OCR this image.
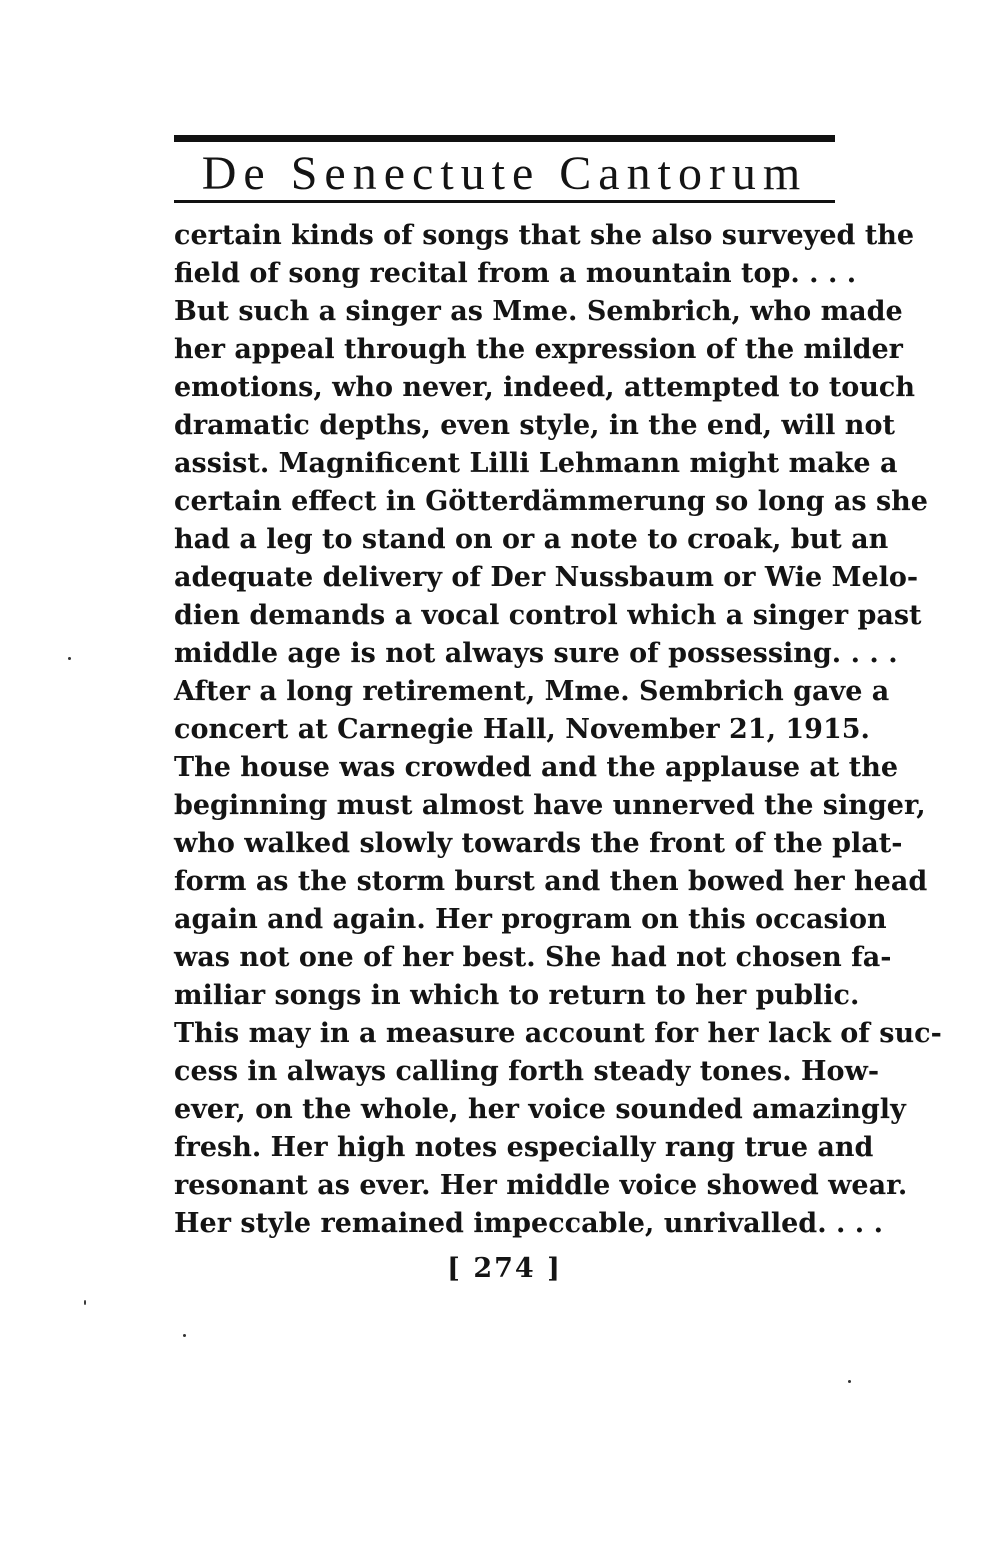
De Senectute Cantorum
certain kinds of songs that she also surveyed the
field of song recital from a mountain top. . . .
But such a singer as Mme. Sembrich, who made
her appeal through the expression of the milder
emotions, who never, indeed, attempted to touch
dramatic depths, even style, in the end, will not
assist. Magnificent Lilli Lehmann might make a
certain effect in Götterdämmerung so long as she
had a leg to stand on or a note to croak, but an
adequate delivery of Der Nussbaum or Wie Melo-
dien demands a vocal control which a singer past
middle age is not always sure of possessing. . . .
After a long retirement, Mme. Sembrich gave a
concert at Carnegie Hall, November 21, 1915.
The house was crowded and the applause at the
beginning must almost have unnerved the singer,
who walked slowly towards the front of the plat-
form as the storm burst and then bowed her head
again and again. Her program on this occasion
was not one of her best. She had not chosen fa-
miliar songs in which to return to her public.
This may in a measure account for her lack of suc-
cess in always calling forth steady tones. How-
ever, on the whole, her voice sounded amazingly
fresh. Her high notes especially rang true and
resonant as ever. Her middle voice showed wear.
Her style remained impeccable, unrivalled. . . .
[ 274 ]
